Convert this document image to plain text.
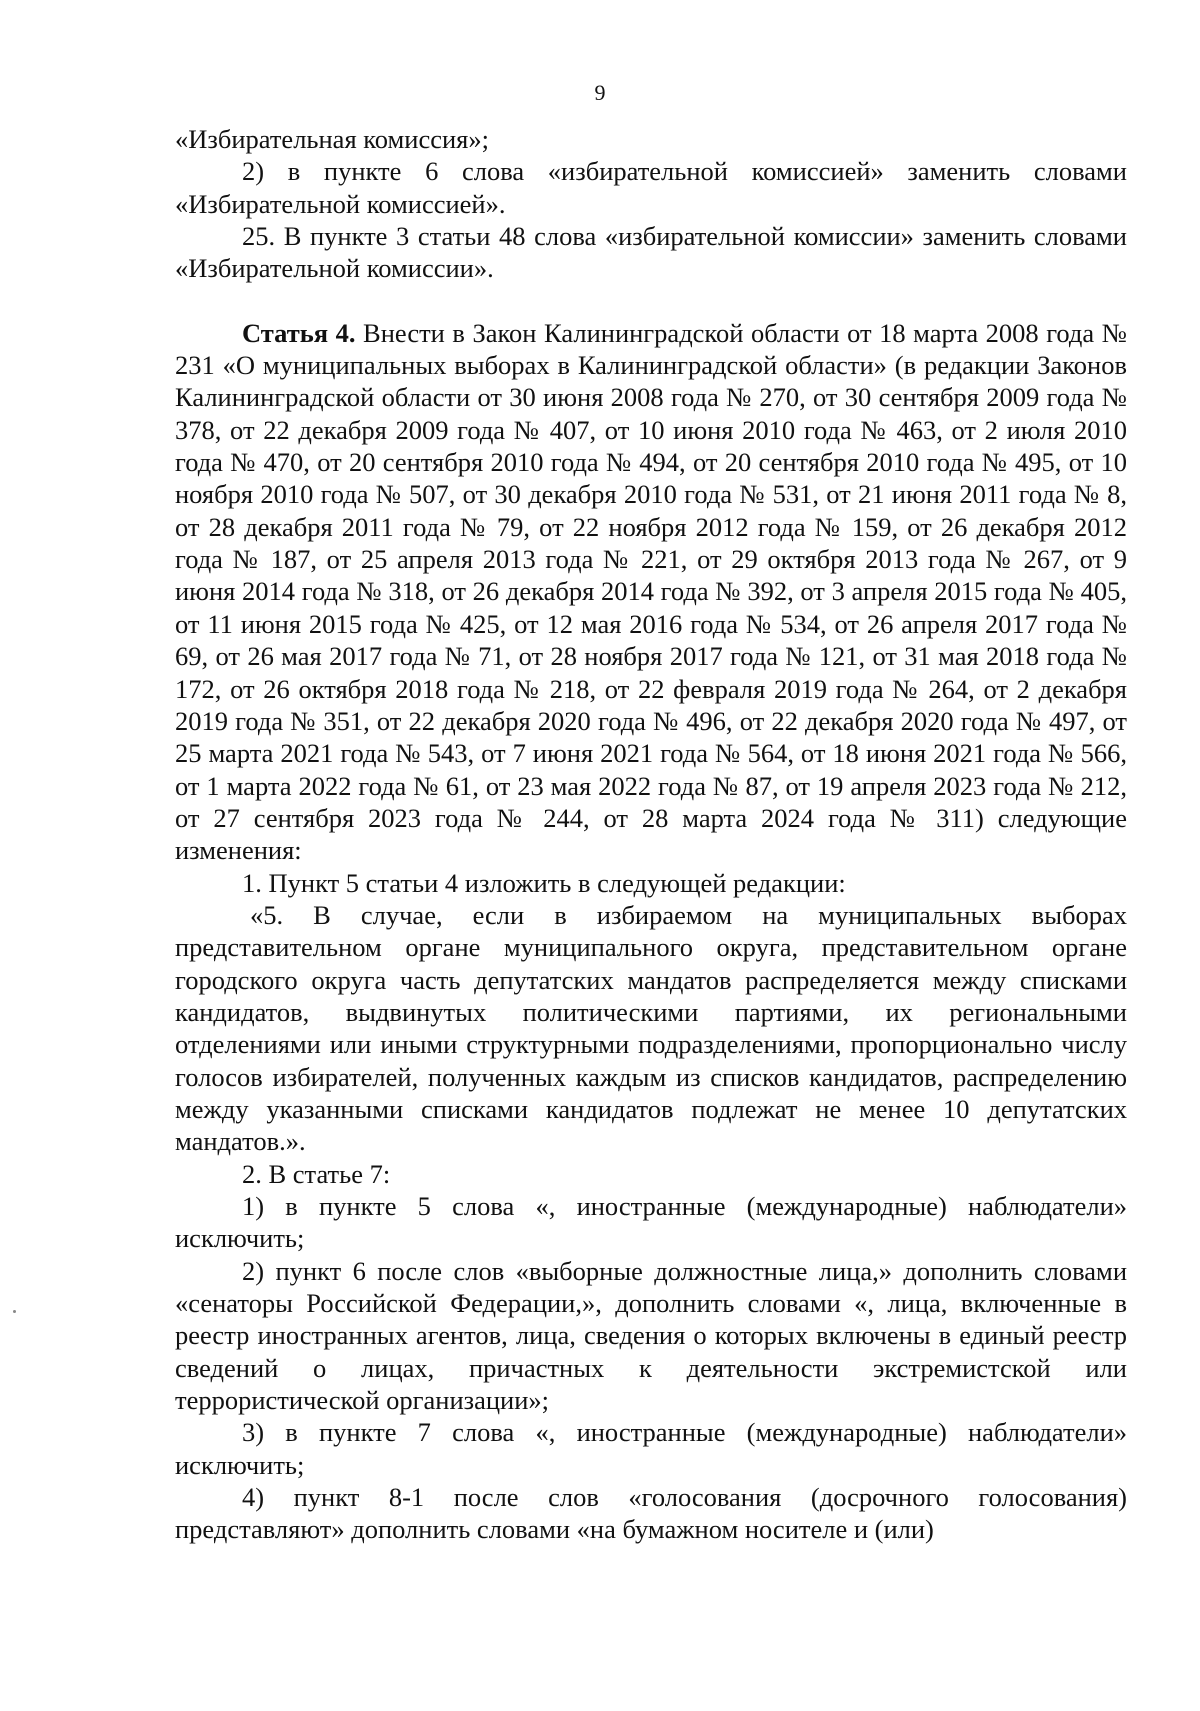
9

«Избирательная комиссия»;

2) в пункте 6 слова «избирательной комиссией» заменить словами «Избирательной комиссией».

25. В пункте 3 статьи 48 слова «избирательной комиссии» заменить словами «Избирательной комиссии».

Статья 4. Внести в Закон Калининградской области от 18 марта 2008 года № 231 «О муниципальных выборах в Калининградской области» (в редакции Законов Калининградской области от 30 июня 2008 года № 270, от 30 сентября 2009 года № 378, от 22 декабря 2009 года № 407, от 10 июня 2010 года № 463, от 2 июля 2010 года № 470, от 20 сентября 2010 года № 494, от 20 сентября 2010 года № 495, от 10 ноября 2010 года № 507, от 30 декабря 2010 года № 531, от 21 июня 2011 года № 8, от 28 декабря 2011 года № 79, от 22 ноября 2012 года № 159, от 26 декабря 2012 года № 187, от 25 апреля 2013 года № 221, от 29 октября 2013 года № 267, от 9 июня 2014 года № 318, от 26 декабря 2014 года № 392, от 3 апреля 2015 года № 405, от 11 июня 2015 года № 425, от 12 мая 2016 года № 534, от 26 апреля 2017 года № 69, от 26 мая 2017 года № 71, от 28 ноября 2017 года № 121, от 31 мая 2018 года № 172, от 26 октября 2018 года № 218, от 22 февраля 2019 года № 264, от 2 декабря 2019 года № 351, от 22 декабря 2020 года № 496, от 22 декабря 2020 года № 497, от 25 марта 2021 года № 543, от 7 июня 2021 года № 564, от 18 июня 2021 года № 566, от 1 марта 2022 года № 61, от 23 мая 2022 года № 87, от 19 апреля 2023 года № 212, от 27 сентября 2023 года № 244, от 28 марта 2024 года № 311) следующие изменения:

1. Пункт 5 статьи 4 изложить в следующей редакции:

«5. В случае, если в избираемом на муниципальных выборах представительном органе муниципального округа, представительном органе городского округа часть депутатских мандатов распределяется между списками кандидатов, выдвинутых политическими партиями, их региональными отделениями или иными структурными подразделениями, пропорционально числу голосов избирателей, полученных каждым из списков кандидатов, распределению между указанными списками кандидатов подлежат не менее 10 депутатских мандатов.».

2. В статье 7:

1) в пункте 5 слова «, иностранные (международные) наблюдатели» исключить;

2) пункт 6 после слов «выборные должностные лица,» дополнить словами «сенаторы Российской Федерации,», дополнить словами «, лица, включенные в реестр иностранных агентов, лица, сведения о которых включены в единый реестр сведений о лицах, причастных к деятельности экстремистской или террористической организации»;

3) в пункте 7 слова «, иностранные (международные) наблюдатели» исключить;

4) пункт 8-1 после слов «голосования (досрочного голосования) представляют» дополнить словами «на бумажном носителе и (или)
